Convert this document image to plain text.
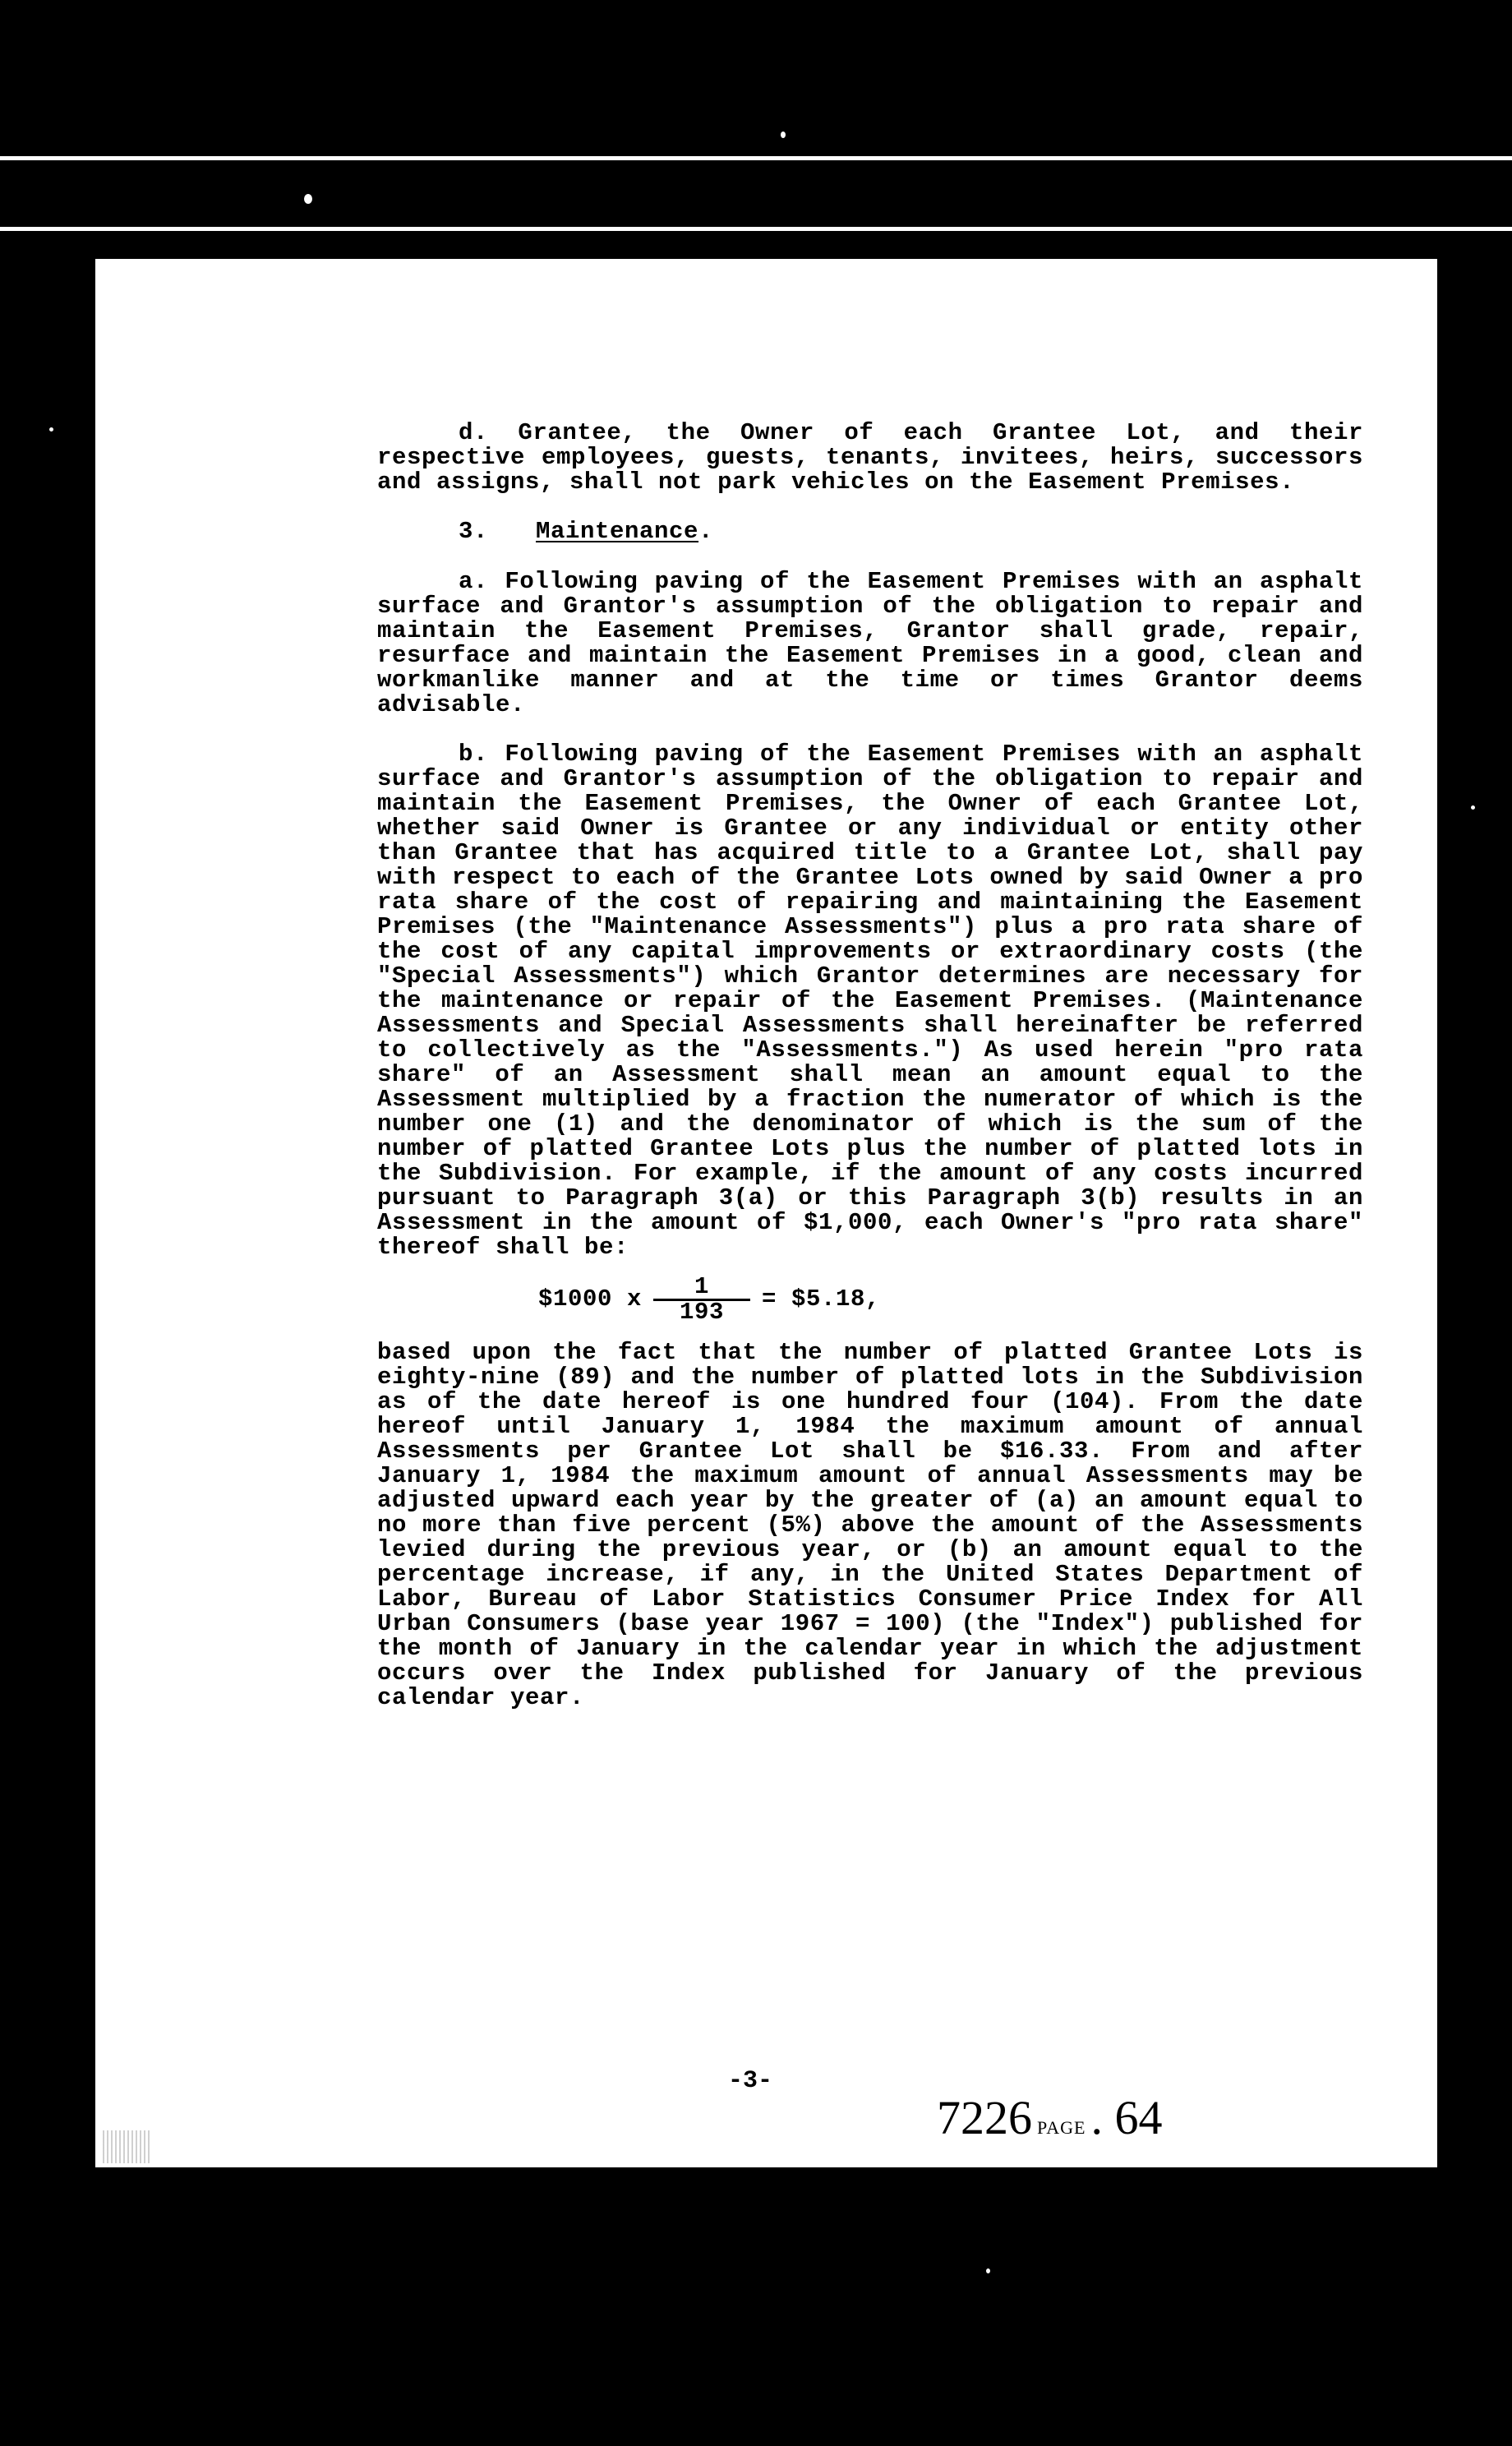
d. Grantee, the Owner of each Grantee Lot, and their respective employees, guests, tenants, invitees, heirs, successors and assigns, shall not park vehicles on the Easement Premises.

3. Maintenance.

a. Following paving of the Easement Premises with an asphalt surface and Grantor's assumption of the obligation to repair and maintain the Easement Premises, Grantor shall grade, repair, resurface and maintain the Easement Premises in a good, clean and workmanlike manner and at the time or times Grantor deems advisable.

b. Following paving of the Easement Premises with an asphalt surface and Grantor's assumption of the obligation to repair and maintain the Easement Premises, the Owner of each Grantee Lot, whether said Owner is Grantee or any individual or entity other than Grantee that has acquired title to a Grantee Lot, shall pay with respect to each of the Grantee Lots owned by said Owner a pro rata share of the cost of repairing and maintaining the Easement Premises (the "Maintenance Assessments") plus a pro rata share of the cost of any capital improvements or extraordinary costs (the "Special Assessments") which Grantor determines are necessary for the maintenance or repair of the Easement Premises. (Maintenance Assessments and Special Assessments shall hereinafter be referred to collectively as the "Assessments.") As used herein "pro rata share" of an Assessment shall mean an amount equal to the Assessment multiplied by a fraction the numerator of which is the number one (1) and the denominator of which is the sum of the number of platted Grantee Lots plus the number of platted lots in the Subdivision. For example, if the amount of any costs incurred pursuant to Paragraph 3(a) or this Paragraph 3(b) results in an Assessment in the amount of $1,000, each Owner's "pro rata share" thereof shall be:

$1000 x $\frac{1}{193}$ = $5.18,

based upon the fact that the number of platted Grantee Lots is eighty-nine (89) and the number of platted lots in the Subdivision as of the date hereof is one hundred four (104). From the date hereof until January 1, 1984 the maximum amount of annual Assessments per Grantee Lot shall be $16.33. From and after January 1, 1984 the maximum amount of annual Assessments may be adjusted upward each year by the greater of (a) an amount equal to no more than five percent (5%) above the amount of the Assessments levied during the previous year, or (b) an amount equal to the percentage increase, if any, in the United States Department of Labor, Bureau of Labor Statistics Consumer Price Index for All Urban Consumers (base year 1967 = 100) (the "Index") published for the month of January in the calendar year in which the adjustment occurs over the Index published for January of the previous calendar year.

-3-
7226 PAGE . 64
